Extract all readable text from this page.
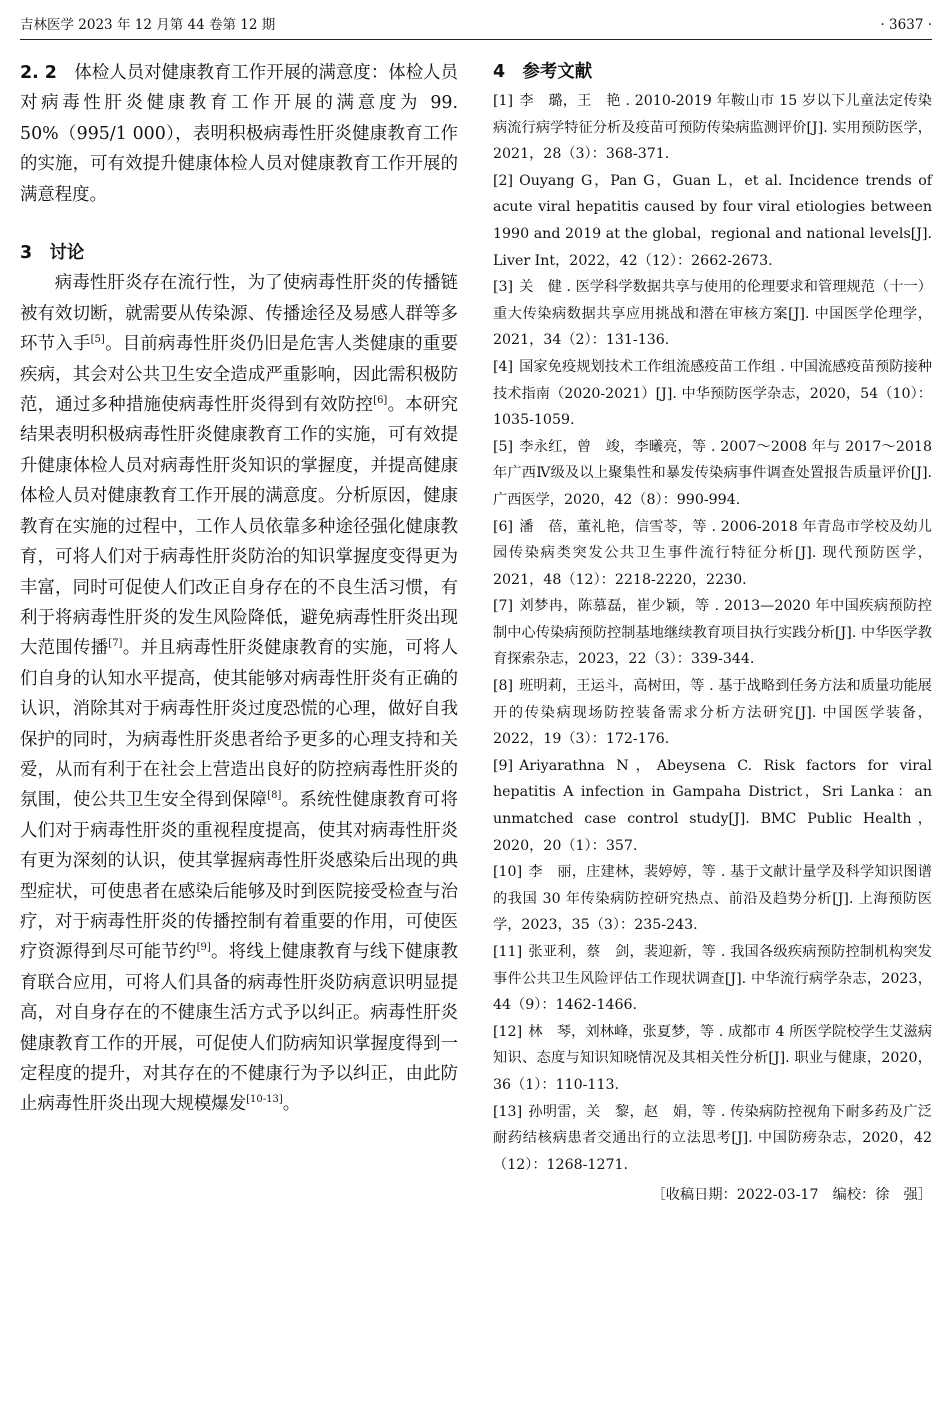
吉林医学 2023 年 12 月第 44 卷第 12 期	· 3637 ·

2. 2　 体检人员对健康教育工作开展的满意度：体检人员对病毒性肝炎健康教育工作开展的满意度为 99. 50%（995/1 000），表明积极病毒性肝炎健康教育工作的实施，可有效提升健康体检人员对健康教育工作开展的满意程度。

3　 讨论

病毒性肝炎存在流行性，为了使病毒性肝炎的传播链被有效切断，就需要从传染源、传播途径及易感人群等多环节入手[5]。目前病毒性肝炎仍旧是危害人类健康的重要疾病，其会对公共卫生安全造成严重影响，因此需积极防范，通过多种措施使病毒性肝炎得到有效防控[6]。本研究结果表明积极病毒性肝炎健康教育工作的实施，可有效提升健康体检人员对病毒性肝炎知识的掌握度，并提高健康体检人员对健康教育工作开展的满意度。分析原因，健康教育在实施的过程中，工作人员依靠多种途径强化健康教育，可将人们对于病毒性肝炎防治的知识掌握度变得更为丰富，同时可促使人们改正自身存在的不良生活习惯，有利于将病毒性肝炎的发生风险降低，避免病毒性肝炎出现大范围传播[7]。并且病毒性肝炎健康教育的实施，可将人们自身的认知水平提高，使其能够对病毒性肝炎有正确的认识，消除其对于病毒性肝炎过度恐慌的心理，做好自我保护的同时，为病毒性肝炎患者给予更多的心理支持和关爱，从而有利于在社会上营造出良好的防控病毒性肝炎的氛围，使公共卫生安全得到保障[8]。系统性健康教育可将人们对于病毒性肝炎的重视程度提高，使其对病毒性肝炎有更为深刻的认识，使其掌握病毒性肝炎感染后出现的典型症状，可使患者在感染后能够及时到医院接受检查与治疗，对于病毒性肝炎的传播控制有着重要的作用，可使医疗资源得到尽可能节约[9]。将线上健康教育与线下健康教育联合应用，可将人们具备的病毒性肝炎防病意识明显提高，对自身存在的不健康生活方式予以纠正。病毒性肝炎健康教育工作的开展，可促使人们防病知识掌握度得到一定程度的提升，对其存在的不健康行为予以纠正，由此防止病毒性肝炎出现大规模爆发[10-13]。

4　 参考文献

[1] 李　璐，王　艳 . 2010-2019 年鞍山市 15 岁以下儿童法定传染病流行病学特征分析及疫苗可预防传染病监测评价[J]. 实用预防医学，2021，28（3）：368-371.

[2] Ouyang G，Pan G，Guan L，et al. Incidence trends of acute viral hepatitis caused by four viral etiologies between 1990 and 2019 at the global，regional and national levels[J]. Liver Int，2022，42（12）：2662-2673.

[3] 关　健 . 医学科学数据共享与使用的伦理要求和管理规范（十一）重大传染病数据共享应用挑战和潜在审核方案[J]. 中国医学伦理学，2021，34（2）：131-136.

[4] 国家免疫规划技术工作组流感疫苗工作组 . 中国流感疫苗预防接种技术指南（2020-2021）[J]. 中华预防医学杂志，2020，54（10）：1035-1059.

[5] 李永红，曾　竣，李曦亮，等 . 2007～2008 年与 2017～2018 年广西Ⅳ级及以上聚集性和暴发传染病事件调查处置报告质量评价[J]. 广西医学，2020，42（8）：990-994.

[6] 潘　蓓，董礼艳，信雪苓，等 . 2006-2018 年青岛市学校及幼儿园传染病类突发公共卫生事件流行特征分析[J]. 现代预防医学，2021，48（12）：2218-2220，2230.

[7] 刘梦冉，陈慕磊，崔少颖，等 . 2013—2020 年中国疾病预防控制中心传染病预防控制基地继续教育项目执行实践分析[J]. 中华医学教育探索杂志，2023，22（3）：339-344.

[8] 班明莉，王运斗，高树田，等 . 基于战略到任务方法和质量功能展开的传染病现场防控装备需求分析方法研究[J]. 中国医学装备，2022，19（3）：172-176.

[9] Ariyarathna N，Abeysena C. Risk factors for viral hepatitis A infection in Gampaha District，Sri Lanka：an unmatched case control study[J]. BMC Public Health，2020，20（1）：357.

[10] 李　丽，庄建林，裴婷婷，等 . 基于文献计量学及科学知识图谱的我国 30 年传染病防控研究热点、前沿及趋势分析[J]. 上海预防医学，2023，35（3）：235-243.

[11] 张亚利，蔡　剑，裴迎新，等 . 我国各级疾病预防控制机构突发事件公共卫生风险评估工作现状调查[J]. 中华流行病学杂志，2023，44（9）：1462-1466.

[12] 林　琴，刘林峰，张夏梦，等 . 成都市 4 所医学院校学生艾滋病知识、态度与知识知晓情况及其相关性分析[J]. 职业与健康，2020，36（1）：110-113.

[13] 孙明雷，关　黎，赵　娟，等 . 传染病防控视角下耐多药及广泛耐药结核病患者交通出行的立法思考[J]. 中国防痨杂志，2020，42（12）：1268-1271.

［收稿日期：2022-03-17　编校：徐　强］
